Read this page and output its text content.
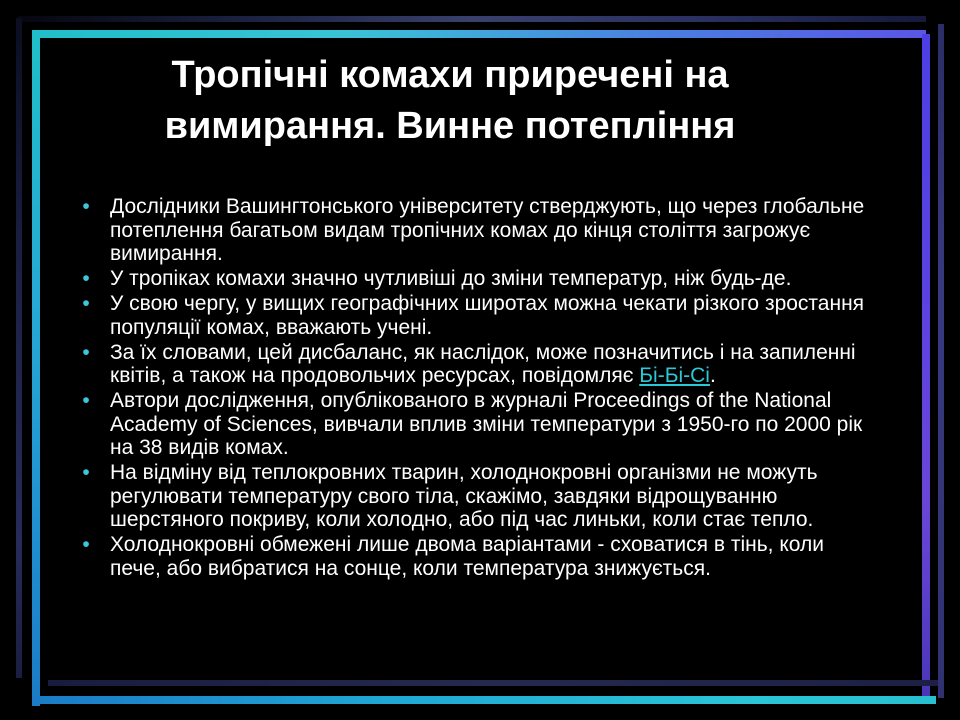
Тропічні комахи приречені на
вимирання. Винне потепління
• Дослідники Вашингтонського університету стверджують, що через глобальне потеплення багатьом видам тропічних комах до кінця століття загрожує вимирання.
• У тропіках комахи значно чутливіші до зміни температур, ніж будь-де.
• У свою чергу, у вищих географічних широтах можна чекати різкого зростання популяції комах, вважають учені.
• За їх словами, цей дисбаланс, як наслідок, може позначитись і на запиленні квітів, а також на продовольчих ресурсах, повідомляє Бі-Бі-Сі.
• Автори дослідження, опублікованого в журналі Proceedings of the National Academy of Sciences, вивчали вплив зміни температури з 1950-го по 2000 рік на 38 видів комах.
• На відміну від теплокровних тварин, холоднокровні організми не можуть регулювати температуру свого тіла, скажімо, завдяки відрощуванню шерстяного покриву, коли холодно, або під час линьки, коли стає тепло.
• Холоднокровні обмежені лише двома варіантами - сховатися в тінь, коли пече, або вибратися на сонце, коли температура знижується.
